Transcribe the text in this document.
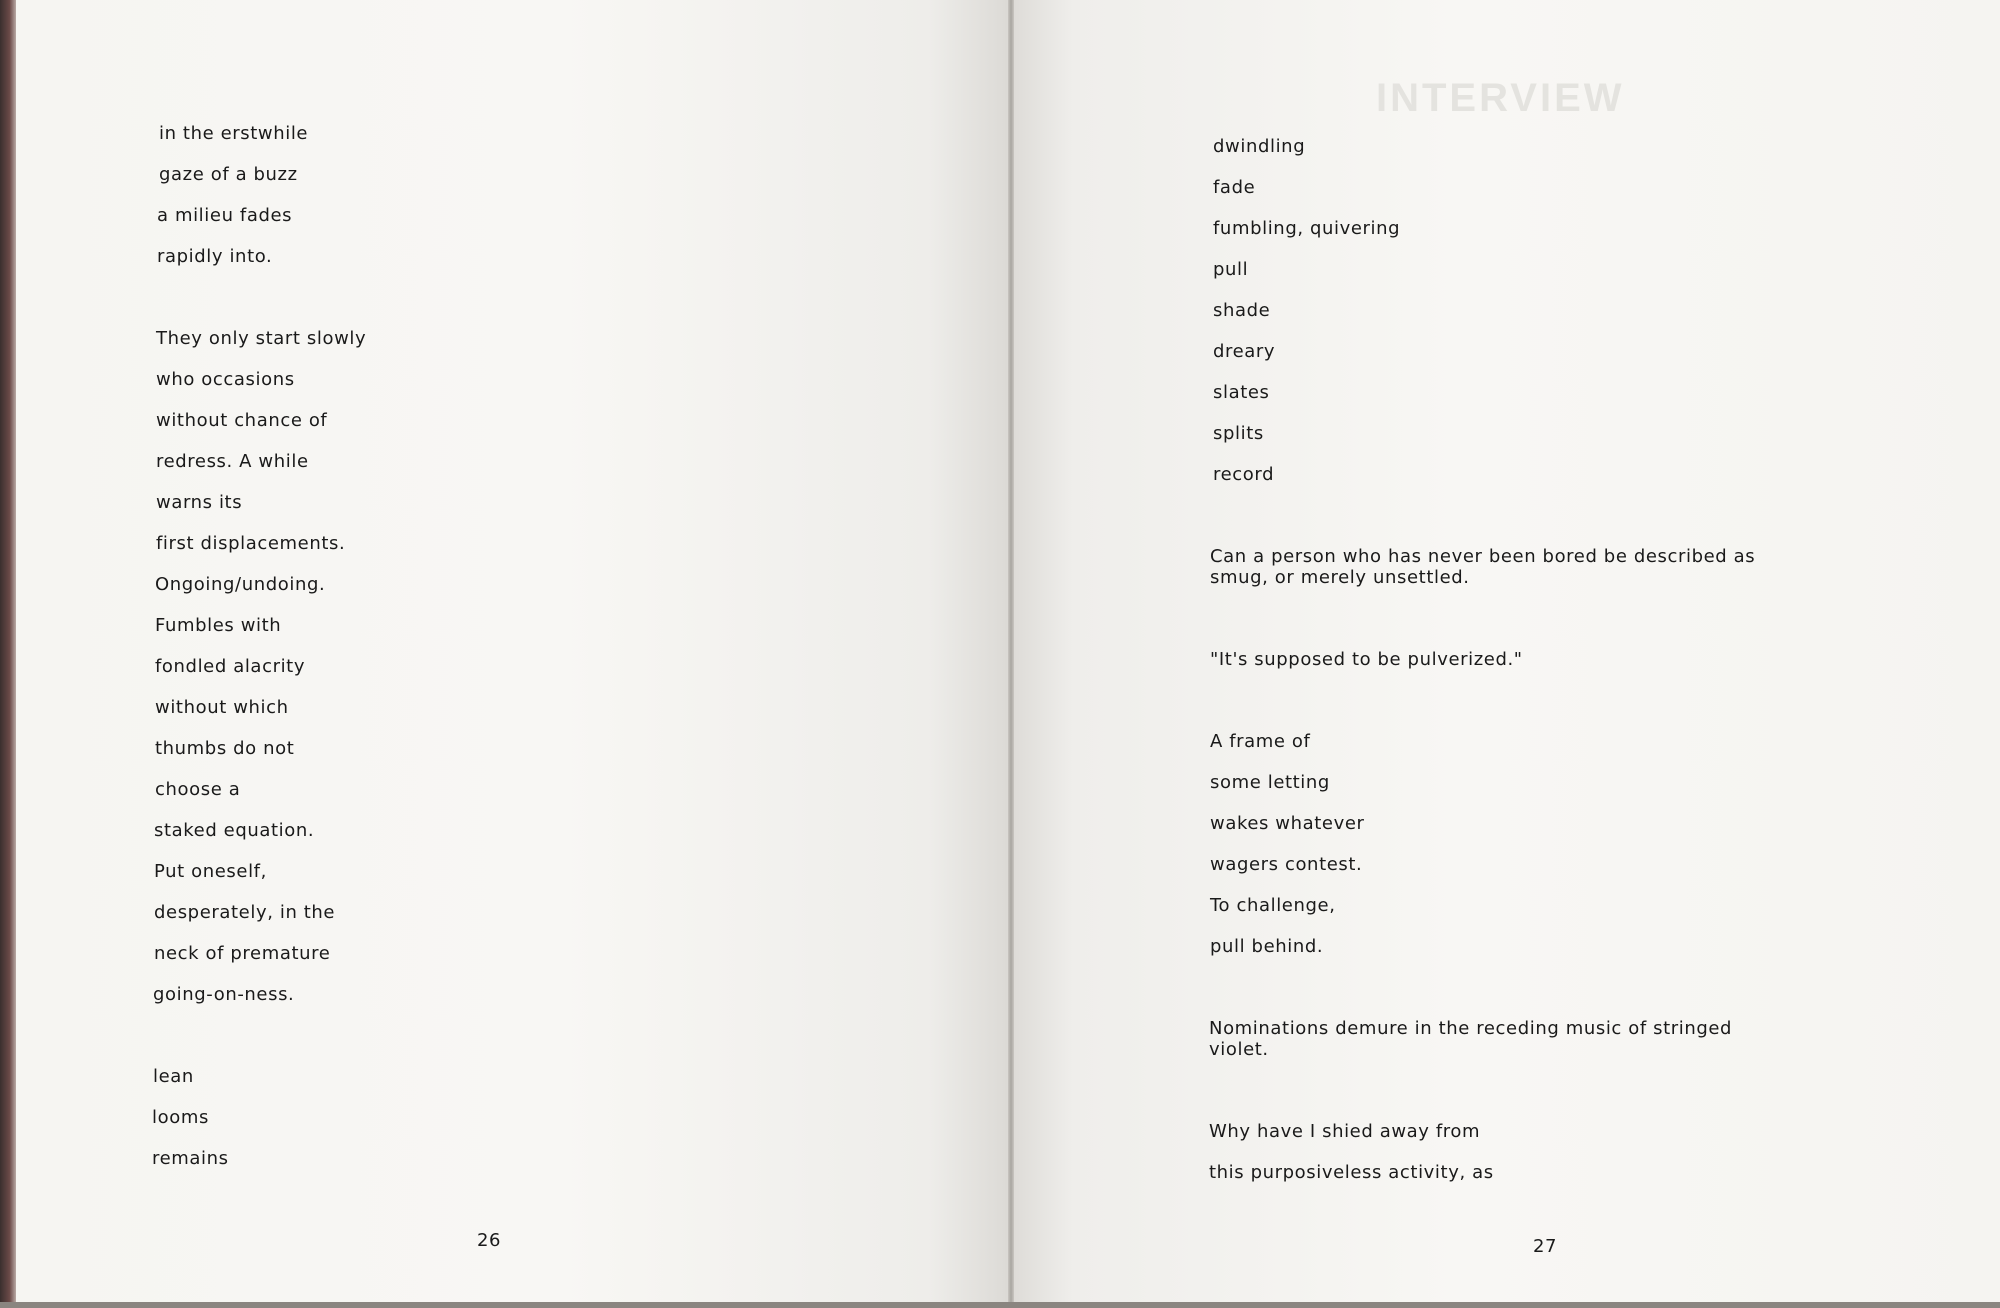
in the erstwhile
gaze of a buzz
a milieu fades
rapidly into.
They only start slowly
who occasions
without chance of
redress. A while
warns its
first displacements.
Ongoing/undoing.
Fumbles with
fondled alacrity
without which
thumbs do not
choose a
staked equation.
Put oneself,
desperately, in the
neck of premature
going-on-ness.
lean
looms
remains
26
INTERVIEW
dwindling
fade
fumbling, quivering
pull
shade
dreary
slates
splits
record
Can a person who has never been bored be described as
smug, or merely unsettled.
"It's supposed to be pulverized."
A frame of
some letting
wakes whatever
wagers contest.
To challenge,
pull behind.
Nominations demure in the receding music of stringed
violet.
Why have I shied away from
this purposiveless activity, as
27
